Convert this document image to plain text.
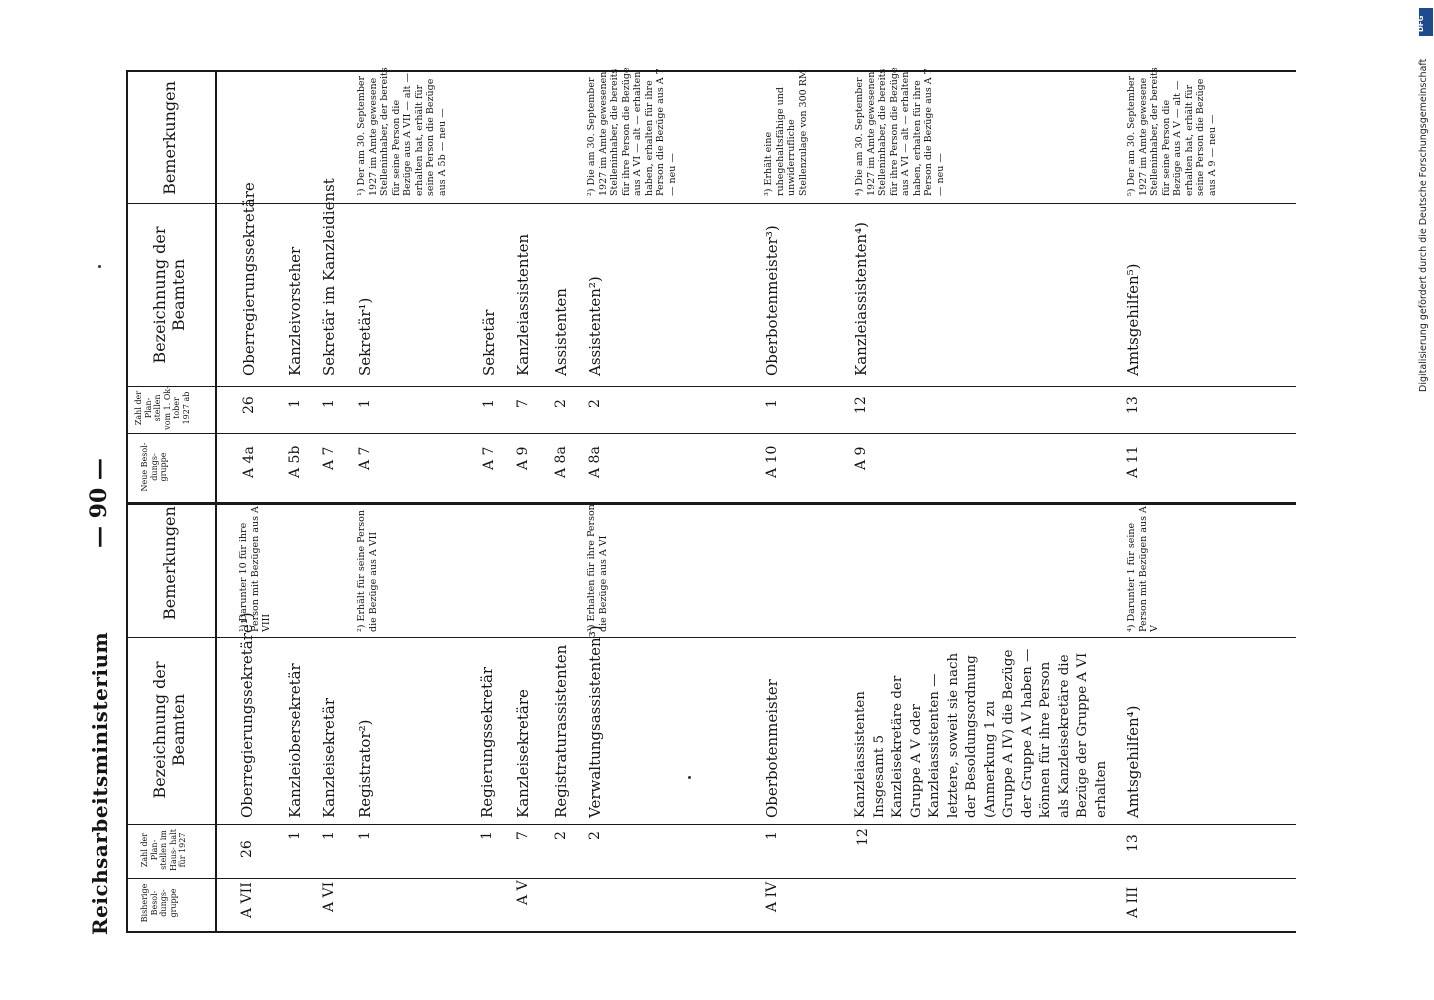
Reichsarbeitsministerium
— 90 —
Digitalisierung gefördert durch die Deutsche Forschungsgemeinschaft
DFG
Bisherige Besol- dungs- gruppe
Zahl der Plan- stellen im Haus- halt für 1927
Bezeichnung der Beamten
Bemerkungen
Neue Besol- dungs- gruppe
Zahl der Plan- stellen vom 1. Ok- tober 1927 ab
Bezeichnung der Beamten
Bemerkungen
A VII
26
Oberregierungssekretäre¹)
¹) Darunter 10 für ihre Person mit Bezügen aus A VIII
1
Kanzleiobersekretär
A VI
1
Kanzleisekretär
1
Registrator²)
²) Erhält für seine Person die Bezüge aus A VII
1
Regierungssekretär
A V
7
Kanzleisekretäre
2
Registraturassistenten
2
Verwaltungsassistenten³)
³) Erhalten für ihre Person die Bezüge aus A VI
A IV
1
Oberbotenmeister
12
Kanzleiassistenten Insgesamt 5 Kanzleisekretäre der Gruppe A V oder Kanzleiassistenten — letztere, soweit sie nach der Besoldungsordnung (Anmerkung 1 zu Gruppe A IV) die Bezüge der Gruppe A V haben — können für ihre Person als Kanzleisekretäre die Bezüge der Gruppe A VI erhalten
A III
13
Amtsgehilfen⁴)
⁴) Darunter 1 für seine Person mit Bezügen aus A V
A 4a
26
Oberregierungssekretäre
A 5b
1
Kanzleivorsteher
A 7
1
Sekretär im Kanzleidienst
A 7
1
Sekretär¹)
¹) Der am 30. September 1927 im Amte gewesene Stelleninhaber, der bereits für seine Person die Bezüge aus A VII — alt — erhalten hat, erhält für seine Person die Bezüge aus A 5b — neu —
A 7
1
Sekretär
A 9
7
Kanzleiassistenten
A 8a
2
Assistenten
A 8a
2
Assistenten²)
²) Die am 30. September 1927 im Amte gewesenen Stelleninhaber, die bereits für ihre Person die Bezüge aus A VI — alt — erhalten haben, erhalten für ihre Person die Bezüge aus A 7 — neu —
A 10
1
Oberbotenmeister³)
³) Erhält eine ruhegehaltsfähige und unwiderrufliche Stellenzulage von 300 RM
A 9
12
Kanzleiassistenten⁴)
⁴) Die am 30. September 1927 im Amte gewesenen Stelleninhaber, die bereits für ihre Person die Bezüge aus A VI — alt — erhalten haben, erhalten für ihre Person die Bezüge aus A 7 — neu —
A 11
13
Amtsgehilfen⁵)
⁵) Der am 30. September 1927 im Amte gewesene Stelleninhaber, der bereits für seine Person die Bezüge aus A V — alt — erhalten hat, erhält für seine Person die Bezüge aus A 9 — neu —
